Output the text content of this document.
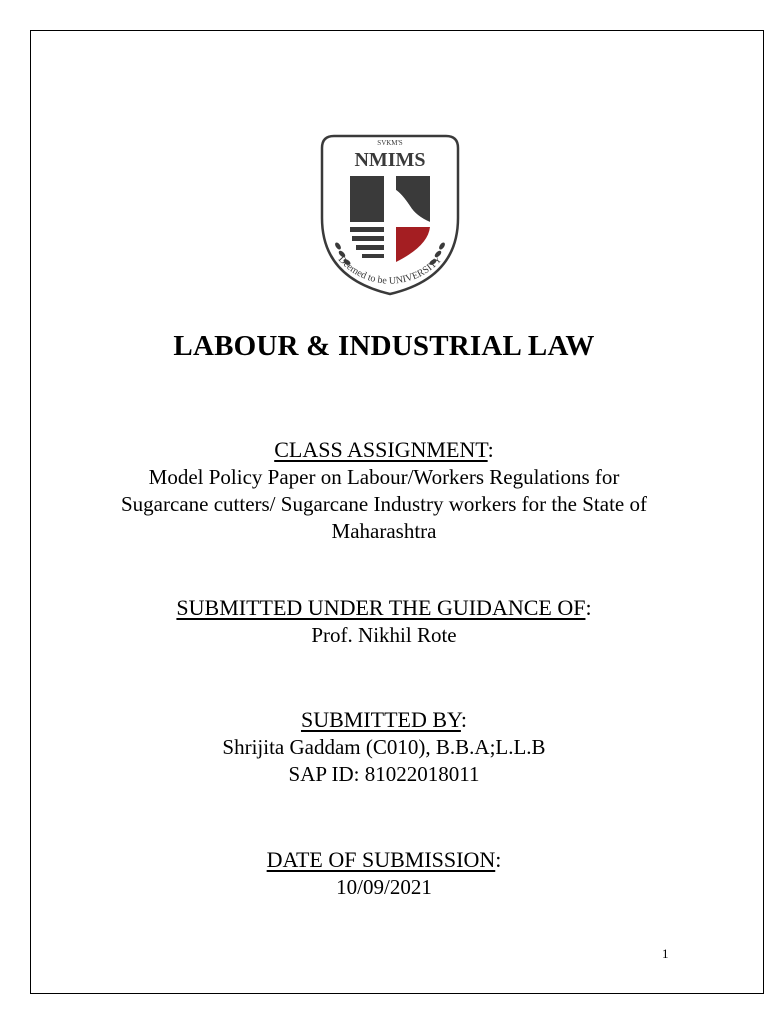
SVKM'S
NMIMS
Deemed to be UNIVERSITY
LABOUR & INDUSTRIAL LAW
CLASS ASSIGNMENT:
Model Policy Paper on Labour/Workers Regulations for
Sugarcane cutters/ Sugarcane Industry workers for the State of
Maharashtra
SUBMITTED UNDER THE GUIDANCE OF:
Prof. Nikhil Rote
SUBMITTED BY:
Shrijita Gaddam (C010), B.B.A;L.L.B
SAP ID: 81022018011
DATE OF SUBMISSION:
10/09/2021
1
